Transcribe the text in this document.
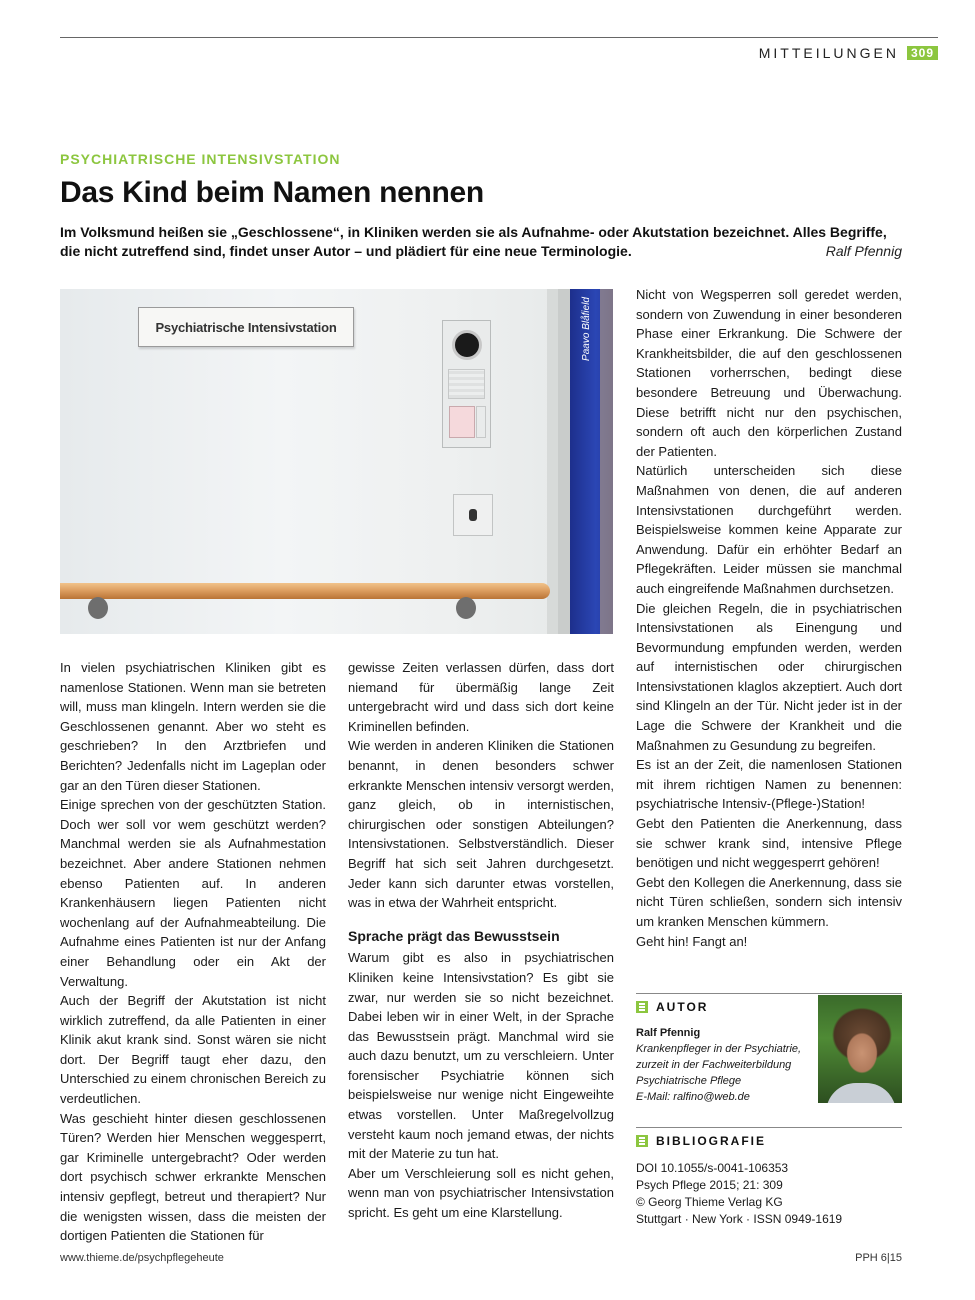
MITTEILUNGEN	309
PSYCHIATRISCHE INTENSIVSTATION
Das Kind beim Namen nennen
Im Volksmund heißen sie „Geschlossene“, in Kliniken werden sie als Aufnahme- oder Akutstation bezeichnet. Alles Begriffe, die nicht zutreffend sind, findet unser Autor – und plädiert für eine neue Terminologie.	Ralf Pfennig
Psychiatrische Intensivstation	Paavo Blåfield

In vielen psychiatrischen Kliniken gibt es namenlose Stationen. Wenn man sie betreten will, muss man klingeln. Intern werden sie die Geschlossenen genannt. Aber wo steht es geschrieben? In den Arztbriefen und Berichten? Jedenfalls nicht im Lageplan oder gar an den Türen dieser Stationen.

Einige sprechen von der geschützten Station. Doch wer soll vor wem geschützt werden? Manchmal werden sie als Aufnahmestation bezeichnet. Aber andere Stationen nehmen ebenso Patienten auf. In anderen Krankenhäusern liegen Patienten nicht wochenlang auf der Aufnahmeabteilung. Die Aufnahme eines Patienten ist nur der Anfang einer Behandlung oder ein Akt der Verwaltung.

Auch der Begriff der Akutstation ist nicht wirklich zutreffend, da alle Patienten in einer Klinik akut krank sind. Sonst wären sie nicht dort. Der Begriff taugt eher dazu, den Unterschied zu einem chronischen Bereich zu verdeutlichen.

Was geschieht hinter diesen geschlossenen Türen? Werden hier Menschen weggesperrt, gar Kriminelle untergebracht? Oder werden dort psychisch schwer erkrankte Menschen intensiv gepflegt, betreut und therapiert? Nur die wenigsten wissen, dass die meisten der dortigen Patienten die Stationen für

gewisse Zeiten verlassen dürfen, dass dort niemand für übermäßig lange Zeit untergebracht wird und dass sich dort keine Kriminellen befinden.

Wie werden in anderen Kliniken die Stationen benannt, in denen besonders schwer erkrankte Menschen intensiv versorgt werden, ganz gleich, ob in internistischen, chirurgischen oder sonstigen Abteilungen? Intensivstationen. Selbstverständlich. Dieser Begriff hat sich seit Jahren durchgesetzt. Jeder kann sich darunter etwas vorstellen, was in etwa der Wahrheit entspricht.

Sprache prägt das Bewusstsein

Warum gibt es also in psychiatrischen Kliniken keine Intensivstation? Es gibt sie zwar, nur werden sie so nicht bezeichnet. Dabei leben wir in einer Welt, in der Sprache das Bewusstsein prägt. Manchmal wird sie auch dazu benutzt, um zu verschleiern. Unter forensischer Psychiatrie können sich beispielsweise nur wenige nicht Eingeweihte etwas vorstellen. Unter Maßregelvollzug versteht kaum noch jemand etwas, der nichts mit der Materie zu tun hat.

Aber um Verschleierung soll es nicht gehen, wenn man von psychiatrischer Intensivstation spricht. Es geht um eine Klarstellung.

Nicht von Wegsperren soll geredet werden, sondern von Zuwendung in einer besonderen Phase einer Erkrankung. Die Schwere der Krankheitsbilder, die auf den geschlossenen Stationen vorherrschen, bedingt diese besondere Betreuung und Überwachung. Diese betrifft nicht nur den psychischen, sondern oft auch den körperlichen Zustand der Patienten.

Natürlich unterscheiden sich diese Maßnahmen von denen, die auf anderen Intensivstationen durchgeführt werden. Beispielsweise kommen keine Apparate zur Anwendung. Dafür ein erhöhter Bedarf an Pflegekräften. Leider müssen sie manchmal auch eingreifende Maßnahmen durchsetzen.

Die gleichen Regeln, die in psychiatrischen Intensivstationen als Einengung und Bevormundung empfunden werden, werden auf internistischen oder chirurgischen Intensivstationen klaglos akzeptiert. Auch dort sind Klingeln an der Tür. Nicht jeder ist in der Lage die Schwere der Krankheit und die Maßnahmen zu Gesundung zu begreifen.

Es ist an der Zeit, die namenlosen Stationen mit ihrem richtigen Namen zu benennen: psychiatrische Intensiv-(Pflege-)Station!

Gebt den Patienten die Anerkennung, dass sie schwer krank sind, intensive Pflege benötigen und nicht weggesperrt gehören!

Gebt den Kollegen die Anerkennung, dass sie nicht Türen schließen, sondern sich intensiv um kranken Menschen kümmern.

Geht hin! Fangt an!

AUTOR
Ralf Pfennig
Krankenpfleger in der Psychiatrie,
zurzeit in der Fachweiterbildung
Psychiatrische Pflege
E-Mail: ralfino@web.de
BIBLIOGRAFIE
DOI 10.1055/s-0041-106353
Psych Pflege 2015; 21: 309
© Georg Thieme Verlag KG
Stuttgart · New York · ISSN 0949-1619
www.thieme.de/psychpflegeheute	PPH 6|15
